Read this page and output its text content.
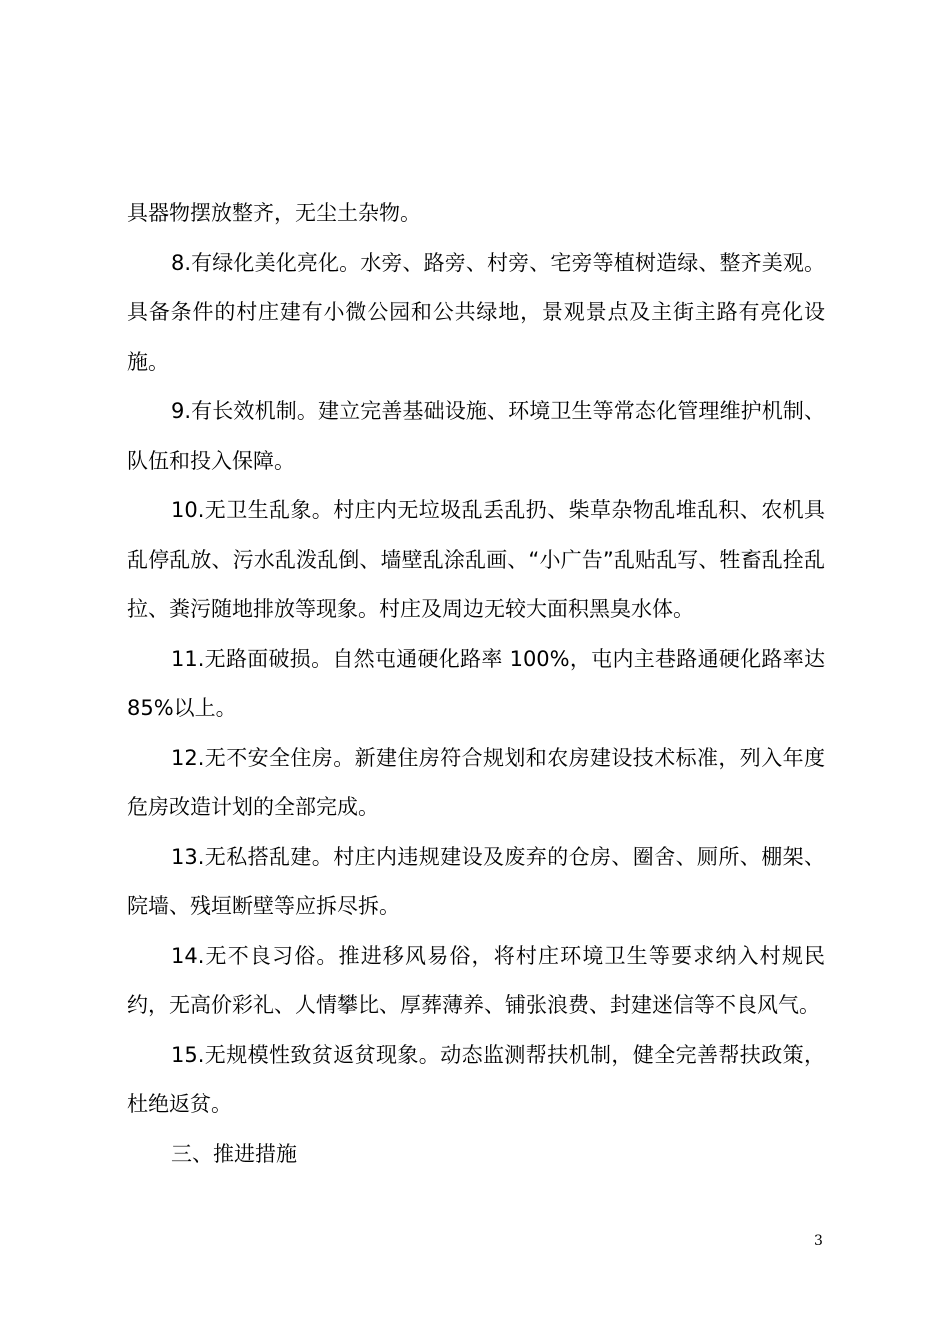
具器物摆放整齐，无尘土杂物。

8.有绿化美化亮化。水旁、路旁、村旁、宅旁等植树造绿、整齐美观。具备条件的村庄建有小微公园和公共绿地，景观景点及主街主路有亮化设施。

9.有长效机制。建立完善基础设施、环境卫生等常态化管理维护机制、队伍和投入保障。

10.无卫生乱象。村庄内无垃圾乱丢乱扔、柴草杂物乱堆乱积、农机具乱停乱放、污水乱泼乱倒、墙壁乱涂乱画、“小广告”乱贴乱写、牲畜乱拴乱拉、粪污随地排放等现象。村庄及周边无较大面积黑臭水体。

11.无路面破损。自然屯通硬化路率 100%，屯内主巷路通硬化路率达 85%以上。

12.无不安全住房。新建住房符合规划和农房建设技术标准，列入年度危房改造计划的全部完成。

13.无私搭乱建。村庄内违规建设及废弃的仓房、圈舍、厕所、棚架、院墙、残垣断壁等应拆尽拆。

14.无不良习俗。推进移风易俗，将村庄环境卫生等要求纳入村规民约，无高价彩礼、人情攀比、厚葬薄养、铺张浪费、封建迷信等不良风气。

15.无规模性致贫返贫现象。动态监测帮扶机制，健全完善帮扶政策，杜绝返贫。

三、推进措施

3
